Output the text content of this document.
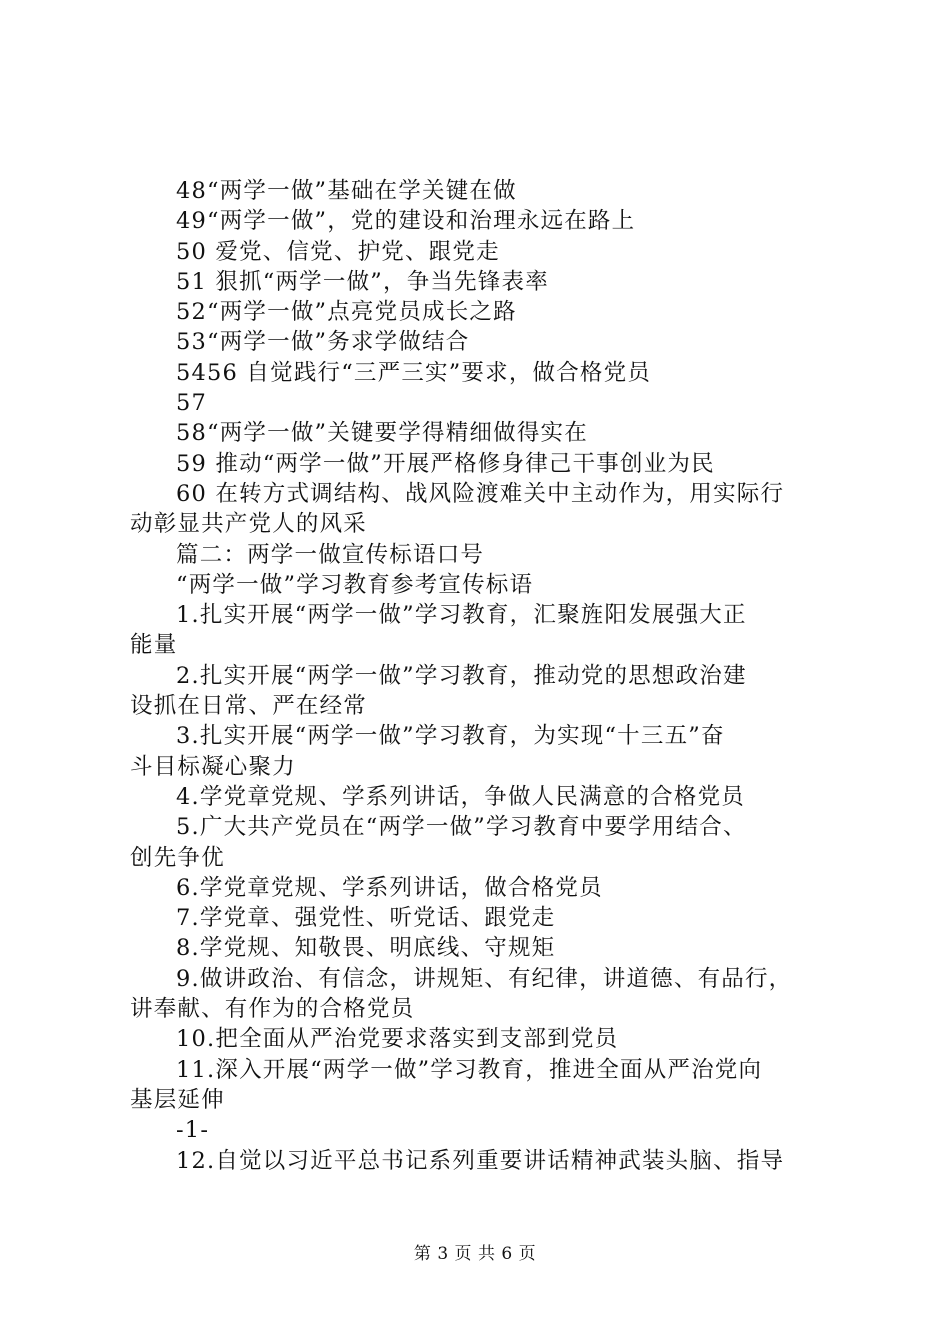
48“两学一做”基础在学关键在做
49“两学一做”，党的建设和治理永远在路上
50 爱党、信党、护党、跟党走
51 狠抓“两学一做”，争当先锋表率
52“两学一做”点亮党员成长之路
53“两学一做”务求学做结合
5456 自觉践行“三严三实”要求，做合格党员
57
58“两学一做”关键要学得精细做得实在
59 推动“两学一做”开展严格修身律己干事创业为民
60 在转方式调结构、战风险渡难关中主动作为，用实际行
动彰显共产党人的风采
篇二：两学一做宣传标语口号
“两学一做”学习教育参考宣传标语
1.扎实开展“两学一做”学习教育，汇聚旌阳发展强大正
能量
2.扎实开展“两学一做”学习教育，推动党的思想政治建
设抓在日常、严在经常
3.扎实开展“两学一做”学习教育，为实现“十三五”奋
斗目标凝心聚力
4.学党章党规、学系列讲话，争做人民满意的合格党员
5.广大共产党员在“两学一做”学习教育中要学用结合、
创先争优
6.学党章党规、学系列讲话，做合格党员
7.学党章、强党性、听党话、跟党走
8.学党规、知敬畏、明底线、守规矩
9.做讲政治、有信念，讲规矩、有纪律，讲道德、有品行，
讲奉献、有作为的合格党员
10.把全面从严治党要求落实到支部到党员
11.深入开展“两学一做”学习教育，推进全面从严治党向
基层延伸
-1-
12.自觉以习近平总书记系列重要讲话精神武装头脑、指导
第 3 页 共 6 页
